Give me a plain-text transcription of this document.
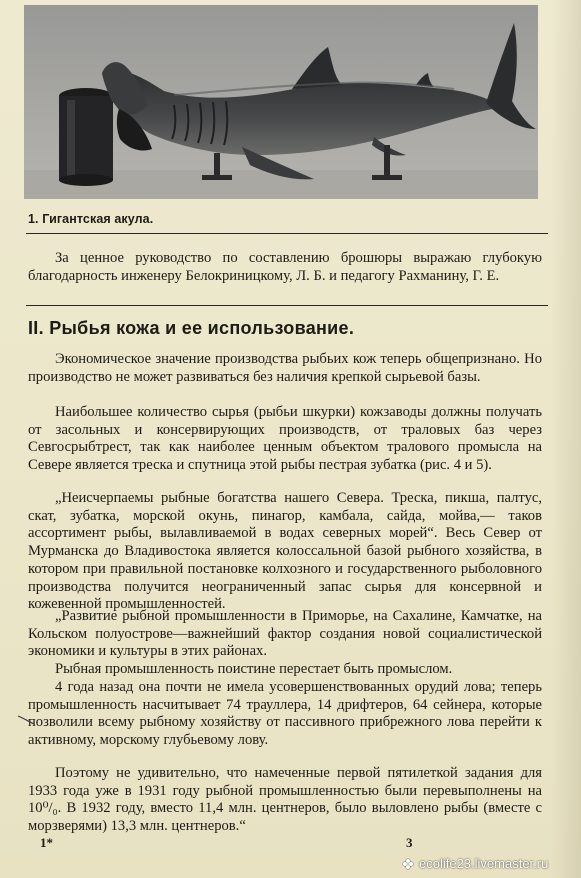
1. Гигантская акула.

За ценное руководство по составлению брошюры выражаю глубокую благодарность инженеру Белокриницкому, Л. Б. и педагогу Рахманину, Г. Е.

II. Рыбья кожа и ее использование.

Экономическое значение производства рыбьих кож теперь общепризнано. Но производство не может развиваться без наличия крепкой сырьевой базы.

Наибольшее количество сырья (рыбьи шкурки) кожзаводы должны получать от засольных и консервирующих производств, от траловых баз через Севгосрыбтрест, так как наиболее ценным объектом тралового промысла на Севере является треска и спутница этой рыбы пестрая зубатка (рис. 4 и 5).

„Неисчерпаемы рыбные богатства нашего Севера. Треска, пикша, палтус, скат, зубатка, морской окунь, пинагор, камбала, сайда, мойва,— таков ассортимент рыбы, вылавливаемой в водах северных морей“. Весь Север от Мурманска до Владивостока является колоссальной базой рыбного хозяйства, в котором при правильной постановке колхозного и государственного рыболовного производства получится неограниченный запас сырья для консервной и кожевенной промышленностей.

„Развитие рыбной промышленности в Приморье, на Сахалине, Камчатке, на Кольском полуострове—важнейший фактор создания новой социалистической экономики и культуры в этих районах.

Рыбная промышленность поистине перестает быть промыслом.

4 года назад она почти не имела усовершенствованных орудий лова; теперь промышленность насчитывает 74 трауллера, 14 дрифтеров, 64 сейнера, которые позволили всему рыбному хозяйству от пассивного прибрежного лова перейти к активному, морскому глубьевому лову.

Поэтому не удивительно, что намеченные первой пятилеткой задания для 1933 года уже в 1931 году рыбной промышленностью были перевыполнены на 10⁰/₀. В 1932 году, вместо 11,4 млн. центнеров, было выловлено рыбы (вместе с морзверями) 13,3 млн. центнеров.“

1*	3
ecolife23.livemaster.ru
